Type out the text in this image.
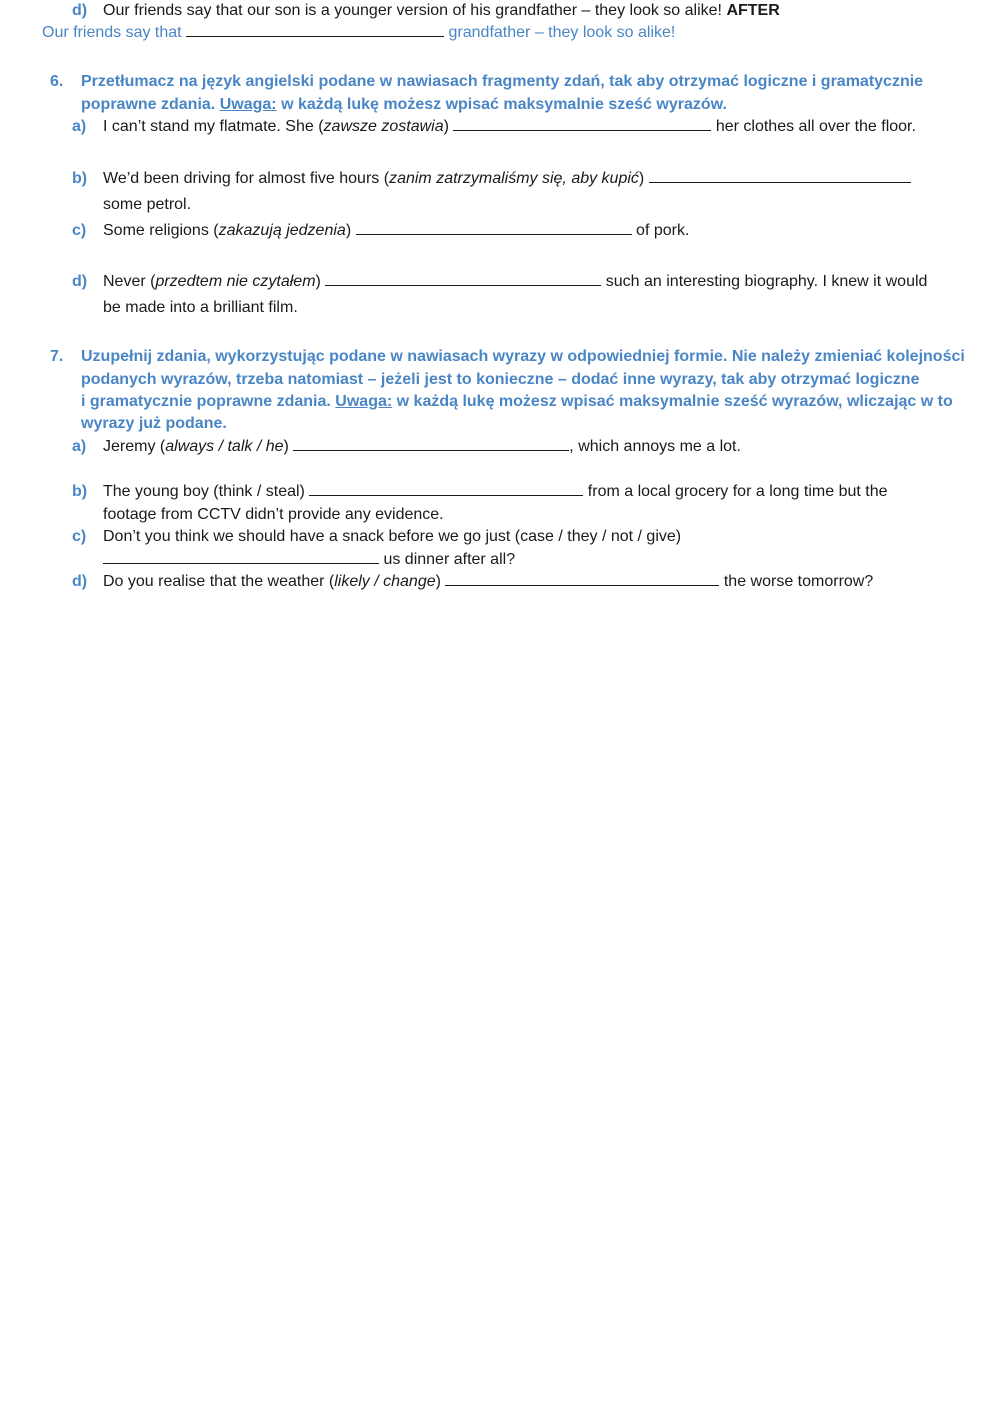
d) Our friends say that our son is a younger version of his grandfather – they look so alike! AFTER
Our friends say that	grandfather – they look so alike!
6. Przetłumacz na język angielski podane w nawiasach fragmenty zdań, tak aby otrzymać logiczne i gramatycznie
poprawne zdania. Uwaga: w każdą lukę możesz wpisać maksymalnie sześć wyrazów.
a) I can’t stand my flatmate. She (zawsze zostawia)	her clothes all over the floor.
b) We’d been driving for almost five hours (zanim zatrzymaliśmy się, aby kupić)
some petrol.
c) Some religions (zakazują jedzenia)	of pork.
d) Never (przedtem nie czytałem)	such an interesting biography. I knew it would
be made into a brilliant film.
7. Uzupełnij zdania, wykorzystując podane w nawiasach wyrazy w odpowiedniej formie. Nie należy zmieniać kolejności
podanych wyrazów, trzeba natomiast – jeżeli jest to konieczne – dodać inne wyrazy, tak aby otrzymać logiczne
i gramatycznie poprawne zdania. Uwaga: w każdą lukę możesz wpisać maksymalnie sześć wyrazów, wliczając w to
wyrazy już podane.
a) Jeremy (always / talk / he)	, which annoys me a lot.
b) The young boy (think / steal)	from a local grocery for a long time but the
footage from CCTV didn’t provide any evidence.
c) Don’t you think we should have a snack before we go just (case / they / not / give)
us dinner after all?
d) Do you realise that the weather (likely / change)	the worse tomorrow?
